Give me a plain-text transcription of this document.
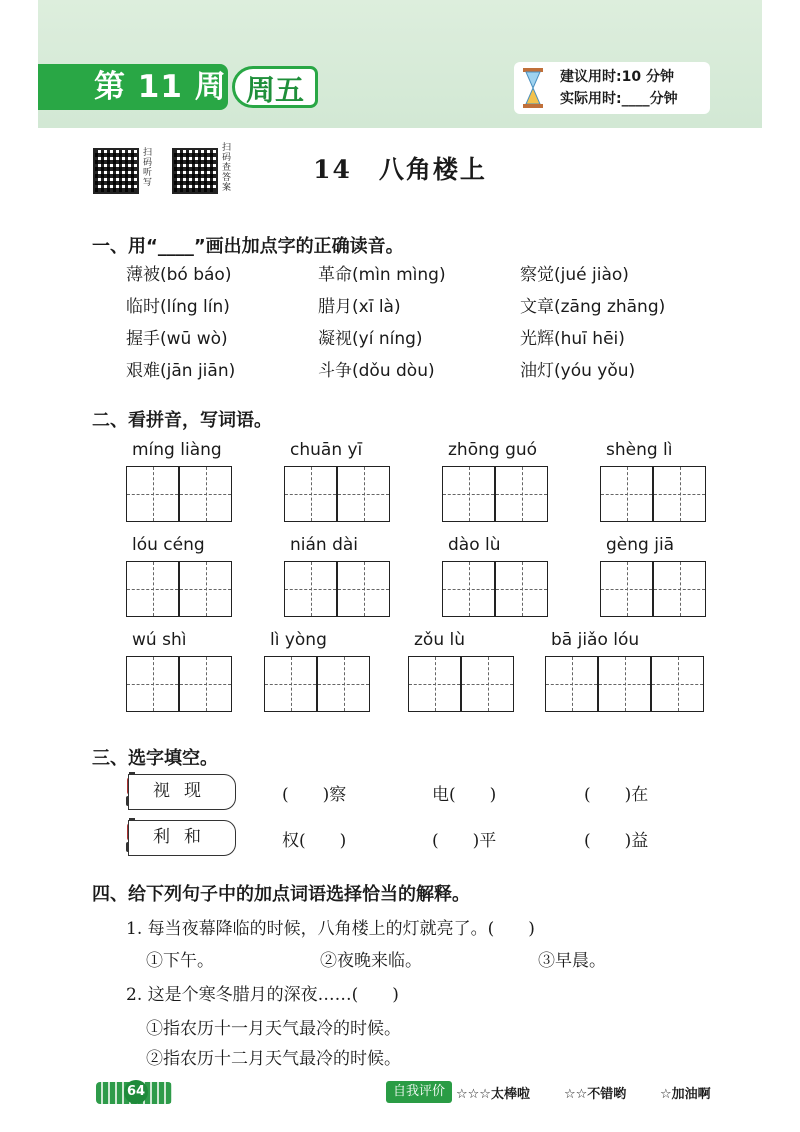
第 11 周 周五	建议用时:10 分钟
实际用时:____分钟
扫码听写
扫码查答案
14　八角楼上
一、用“____”画出加点字的正确读音。
薄被(bó báo)	革命(mìn mìng)	察觉(jué jiào)
临时(líng lín)	腊月(xī là)	文章(zāng zhāng)
握手(wū wò)	凝视(yí níng)	光辉(huī hēi)
艰难(jān jiān)	斗争(dǒu dòu)	油灯(yóu yǒu)
二、看拼音，写词语。
míng liàng	chuān yī	zhōng guó	shèng lì
lóu céng	nián dài	dào lù	gèng jiā
wú shì	lì yòng	zǒu lù	bā jiǎo lóu
三、选字填空。
视现	(　　)察	电(　　)	(　　)在
利和	权(　　)	(　　)平	(　　)益
四、给下列句子中的加点词语选择恰当的解释。
1. 每当夜幕降临的时候，八角楼上的灯就亮了。(　　)
①下午。	②夜晚来临。	③早晨。
2. 这是个寒冬腊月的深夜……(　　)
①指农历十一月天气最冷的时候。
②指农历十二月天气最冷的时候。
64	自我评价 ☆☆☆太棒啦	☆☆不错哟	☆加油啊
